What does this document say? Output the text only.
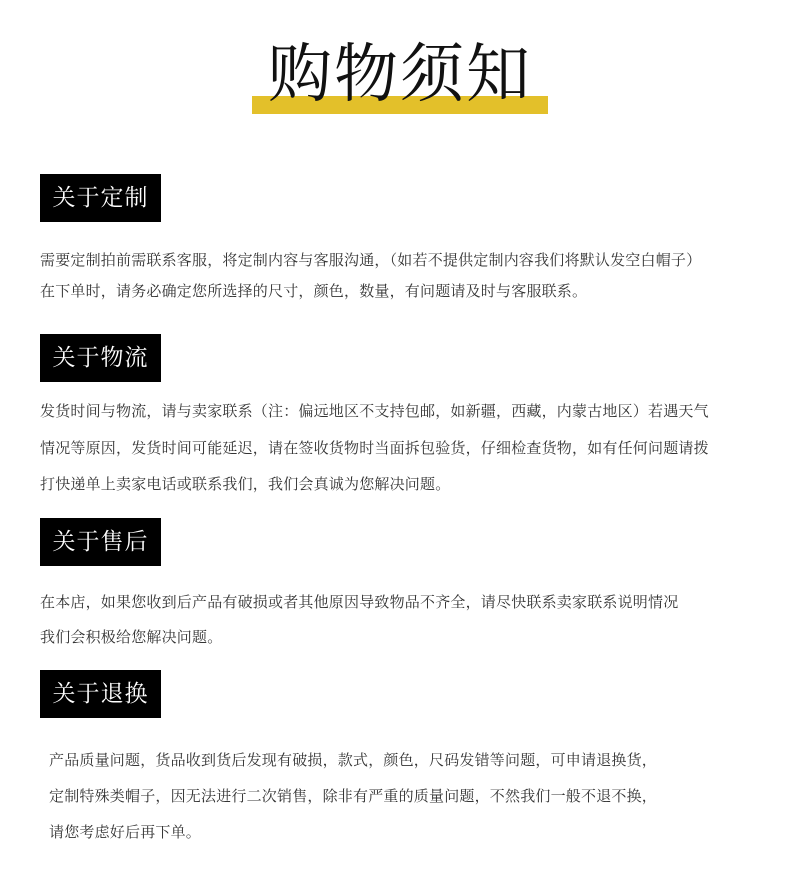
购物须知
关于定制
需要定制拍前需联系客服，将定制内容与客服沟通，（如若不提供定制内容我们将默认发空白帽子）
在下单时，请务必确定您所选择的尺寸，颜色，数量，有问题请及时与客服联系。
关于物流
发货时间与物流，请与卖家联系（注：偏远地区不支持包邮，如新疆，西藏，内蒙古地区）若遇天气
情况等原因，发货时间可能延迟，请在签收货物时当面拆包验货，仔细检查货物，如有任何问题请拨
打快递单上卖家电话或联系我们，我们会真诚为您解决问题。
关于售后
在本店，如果您收到后产品有破损或者其他原因导致物品不齐全，请尽快联系卖家联系说明情况
我们会积极给您解决问题。
关于退换
产品质量问题，货品收到货后发现有破损，款式，颜色，尺码发错等问题，可申请退换货，
定制特殊类帽子，因无法进行二次销售，除非有严重的质量问题，不然我们一般不退不换，
请您考虑好后再下单。
